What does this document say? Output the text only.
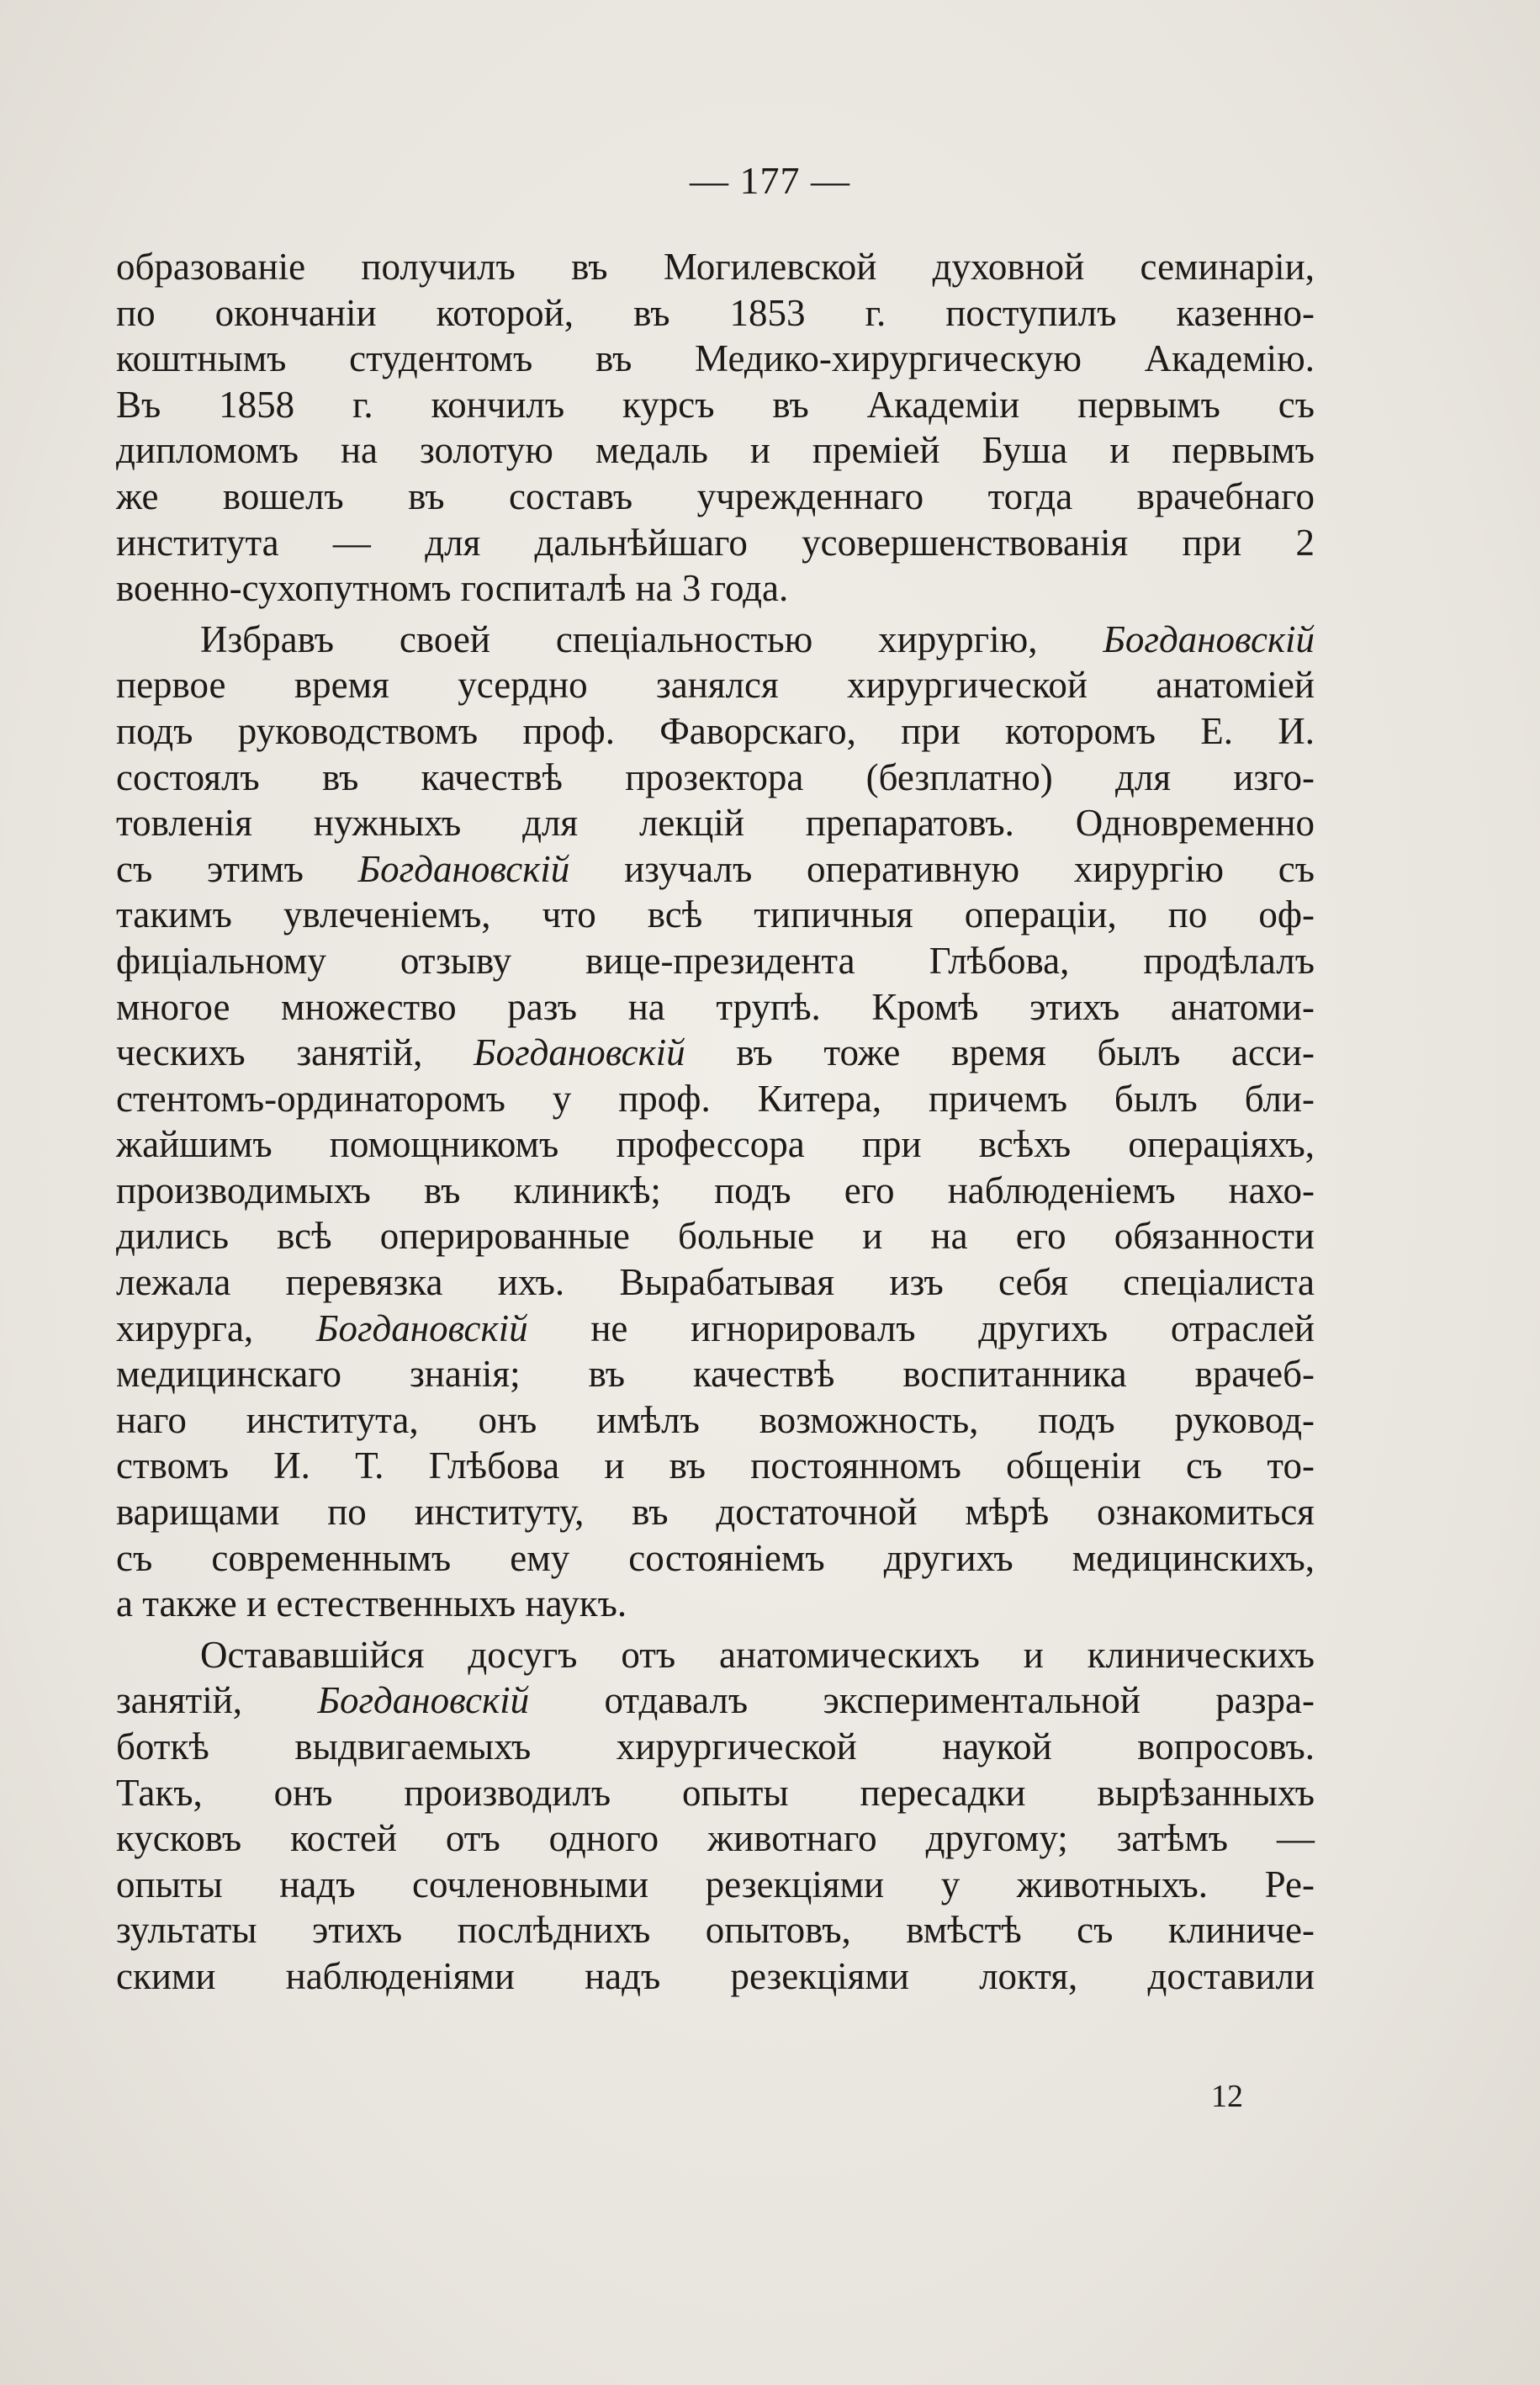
— 177 —
образованіе получилъ въ Могилевской духовной семинаріи,
по окончаніи которой, въ 1853 г. поступилъ казенно-
коштнымъ студентомъ въ Медико-хирургическую Академію.
Въ 1858 г. кончилъ курсъ въ Академіи первымъ съ
дипломомъ на золотую медаль и преміей Буша и первымъ
же вошелъ въ составъ учрежденнаго тогда врачебнаго
института — для дальнѣйшаго усовершенствованія при 2
военно-сухопутномъ госпиталѣ на 3 года.
Избравъ своей спеціальностью хирургію, Богдановскій
первое время усердно занялся хирургической анатоміей
подъ руководствомъ проф. Фаворскаго, при которомъ Е. И.
состоялъ въ качествѣ прозектора (безплатно) для изго-
товленія нужныхъ для лекцій препаратовъ. Одновременно
съ этимъ Богдановскій изучалъ оперативную хирургію съ
такимъ увлеченіемъ, что всѣ типичныя операціи, по оф-
фиціальному отзыву вице-президента Глѣбова, продѣлалъ
многое множество разъ на трупѣ. Кромѣ этихъ анатоми-
ческихъ занятій, Богдановскій въ тоже время былъ асси-
стентомъ-ординаторомъ у проф. Китера, причемъ былъ бли-
жайшимъ помощникомъ профессора при всѣхъ операціяхъ,
производимыхъ въ клиникѣ; подъ его наблюденіемъ нахо-
дились всѣ оперированные больные и на его обязанности
лежала перевязка ихъ. Вырабатывая изъ себя спеціалиста
хирурга, Богдановскій не игнорировалъ другихъ отраслей
медицинскаго знанія; въ качествѣ воспитанника врачеб-
наго института, онъ имѣлъ возможность, подъ руковод-
ствомъ И. Т. Глѣбова и въ постоянномъ общеніи съ то-
варищами по институту, въ достаточной мѣрѣ ознакомиться
съ современнымъ ему состояніемъ другихъ медицинскихъ,
а также и естественныхъ наукъ.
Остававшійся досугъ отъ анатомическихъ и клиническихъ
занятій, Богдановскій отдавалъ экспериментальной разра-
боткѣ выдвигаемыхъ хирургической наукой вопросовъ.
Такъ, онъ производилъ опыты пересадки вырѣзанныхъ
кусковъ костей отъ одного животнаго другому; затѣмъ —
опыты надъ сочленовными резекціями у животныхъ. Ре-
зультаты этихъ послѣднихъ опытовъ, вмѣстѣ съ клиниче-
скими наблюденіями надъ резекціями локтя, доставили
12
